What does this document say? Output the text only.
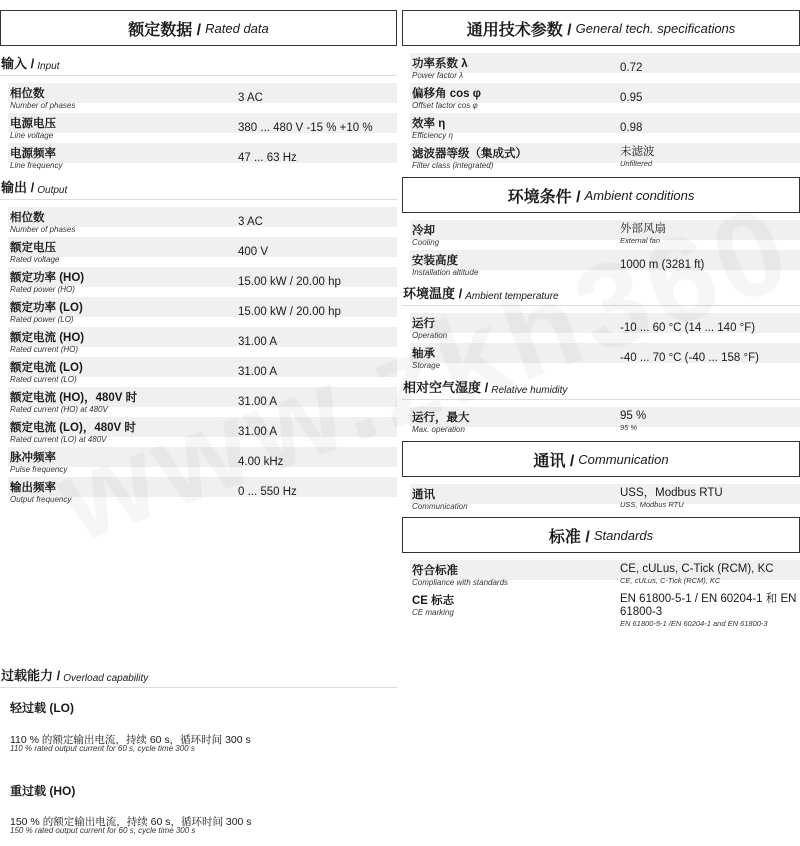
额定数据 / Rated data
输入 / Input
相位数
Number of phases
3 AC
电源电压
Line voltage
380 ... 480 V -15 % +10 %
电源频率
Line frequency
47 ... 63 Hz
输出 / Output
相位数
Number of phases
3 AC
额定电压
Rated voltage
400 V
额定功率 (HO)
Rated power (HO)
15.00 kW / 20.00 hp
额定功率 (LO)
Rated power (LO)
15.00 kW / 20.00 hp
额定电流 (HO)
Rated current (HO)
31.00 A
额定电流 (LO)
Rated current (LO)
31.00 A
额定电流 (HO)，480V 时
Rated current (HO) at 480V
31.00 A
额定电流 (LO)，480V 时
Rated current (LO) at 480V
31.00 A
脉冲频率
Pulse frequency
4.00 kHz
输出频率
Output frequency
0 ... 550 Hz
过载能力 / Overload capability
轻过载 (LO)
110 % 的额定输出电流，持续 60 s，循环时间 300 s
110 % rated output current for 60 s, cycle time 300 s
重过载 (HO)
150 % 的额定输出电流，持续 60 s，循环时间 300 s
150 % rated output current for 60 s, cycle time 300 s
通用技术参数 / General tech. specifications
功率系数 λ
Power factor λ
0.72
偏移角 cos φ
Offset factor cos φ
0.95
效率 η
Efficiency η
0.98
滤波器等级（集成式）
Filter class (integrated)
未滤波
Unfiltered
环境条件 / Ambient conditions
冷却
Cooling
外部风扇
External fan
安装高度
Installation altitude
1000 m (3281 ft)
环境温度 / Ambient temperature
运行
Operation
-10 ... 60 °C (14 ... 140 °F)
轴承
Storage
-40 ... 70 °C (-40 ... 158 °F)
相对空气湿度 / Relative humidity
运行，最大
Max. operation
95 %
95 %
通讯 / Communication
通讯
Communication
USS，Modbus RTU
USS, Modbus RTU
标准 / Standards
符合标准
Compliance with standards
CE, cULus, C-Tick (RCM), KC
CE, cULus, C-Tick (RCM), KC
CE 标志
CE marking
EN 61800-5-1 / EN 60204-1 和 EN 61800-3
EN 61800-5-1 /EN 60204-1 and EN 61800-3
